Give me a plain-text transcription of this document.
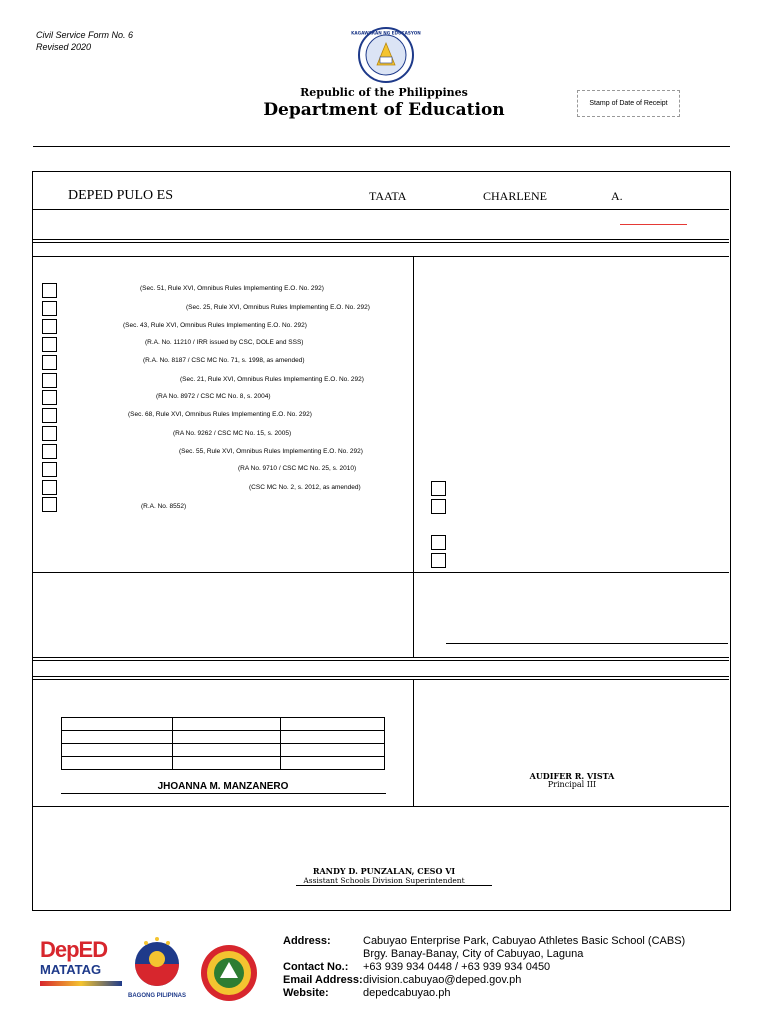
Civil Service Form No. 6
Revised 2020
KAGAWARAN NG EDUKASYON
Republic of the Philippines
Department of Education	Stamp of Date of Receipt
DEPED PULO ES	TAATA	CHARLENE	A.
(Sec. 51, Rule XVI, Omnibus Rules Implementing E.O. No. 292)
(Sec. 25, Rule XVI, Omnibus Rules Implementing E.O. No. 292)
(Sec. 43, Rule XVI, Omnibus Rules Implementing E.O. No. 292)
(R.A. No. 11210 / IRR issued by CSC, DOLE and SSS)
(R.A. No. 8187 / CSC MC No. 71, s. 1998, as amended)
(Sec. 21, Rule XVI, Omnibus Rules Implementing E.O. No. 292)
(RA No. 8972 / CSC MC No. 8, s. 2004)
(Sec. 68, Rule XVI, Omnibus Rules Implementing E.O. No. 292)
(RA No. 9262 / CSC MC No. 15, s. 2005)
(Sec. 55, Rule XVI, Omnibus Rules Implementing E.O. No. 292)
(RA No. 9710 / CSC MC No. 25, s. 2010)
(CSC MC No. 2, s. 2012, as amended)
(R.A. No. 8552)

JHOANNA M. MANZANERO
AUDIFER R. VISTA
Principal III
RANDY D. PUNZALAN, CESO VI
Assistant Schools Division Superintendent
DepED
MATATAG
BAGONG PILIPINAS
Address:	Cabuyao Enterprise Park, Cabuyao Athletes Basic School (CABS)
Brgy. Banay-Banay, City of Cabuyao, Laguna
Contact No.: +63 939 934 0448 / +63 939 934 0450
Email Address: division.cabuyao@deped.gov.ph
Website:	depedcabuyao.ph
